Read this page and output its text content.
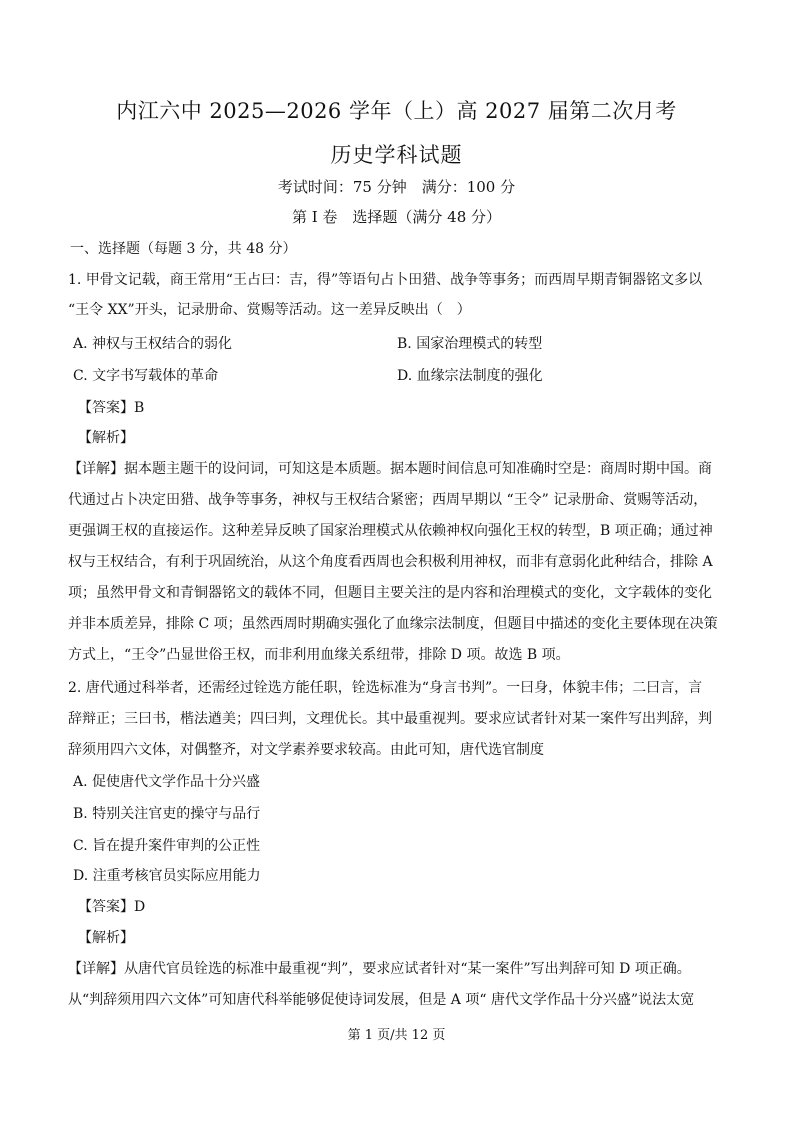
内江六中 2025—2026 学年（上）高 2027 届第二次月考
历史学科试题
考试时间：75 分钟　满分：100 分
第 I 卷　选择题（满分 48 分）
一、选择题（每题 3 分，共 48 分）
1. 甲骨文记载，商王常用“王占曰：吉，得”等语句占卜田猎、战争等事务；而西周早期青铜器铭文多以
“王令 XX”开头，记录册命、赏赐等活动。这一差异反映出（　）
A. 神权与王权结合的弱化	B. 国家治理模式的转型
C. 文字书写载体的革命	D. 血缘宗法制度的强化
【答案】B
【解析】
【详解】据本题主题干的设问词，可知这是本质题。据本题时间信息可知准确时空是：商周时期中国。商
代通过占卜决定田猎、战争等事务，神权与王权结合紧密；西周早期以 “王令” 记录册命、赏赐等活动，
更强调王权的直接运作。这种差异反映了国家治理模式从依赖神权向强化王权的转型，B 项正确；通过神
权与王权结合，有利于巩固统治，从这个角度看西周也会积极利用神权，而非有意弱化此种结合，排除 A
项；虽然甲骨文和青铜器铭文的载体不同，但题目主要关注的是内容和治理模式的变化，文字载体的变化
并非本质差异，排除 C 项；虽然西周时期确实强化了血缘宗法制度，但题目中描述的变化主要体现在决策
方式上，“王令”凸显世俗王权，而非利用血缘关系纽带，排除 D 项。故选 B 项。
2. 唐代通过科举者，还需经过铨选方能任职，铨选标准为“身言书判”。一曰身，体貌丰伟；二曰言，言
辞辩正；三曰书，楷法遒美；四曰判，文理优长。其中最重视判。要求应试者针对某一案件写出判辞，判
辞须用四六文体，对偶整齐，对文学素养要求较高。由此可知，唐代选官制度
A. 促使唐代文学作品十分兴盛
B. 特别关注官吏的操守与品行
C. 旨在提升案件审判的公正性
D. 注重考核官员实际应用能力
【答案】D
【解析】
【详解】从唐代官员铨选的标准中最重视“判”，要求应试者针对“某一案件”写出判辞可知 D 项正确。
从“判辞须用四六文体”可知唐代科举能够促使诗词发展，但是 A 项“ 唐代文学作品十分兴盛”说法太宽
第 1 页/共 12 页
